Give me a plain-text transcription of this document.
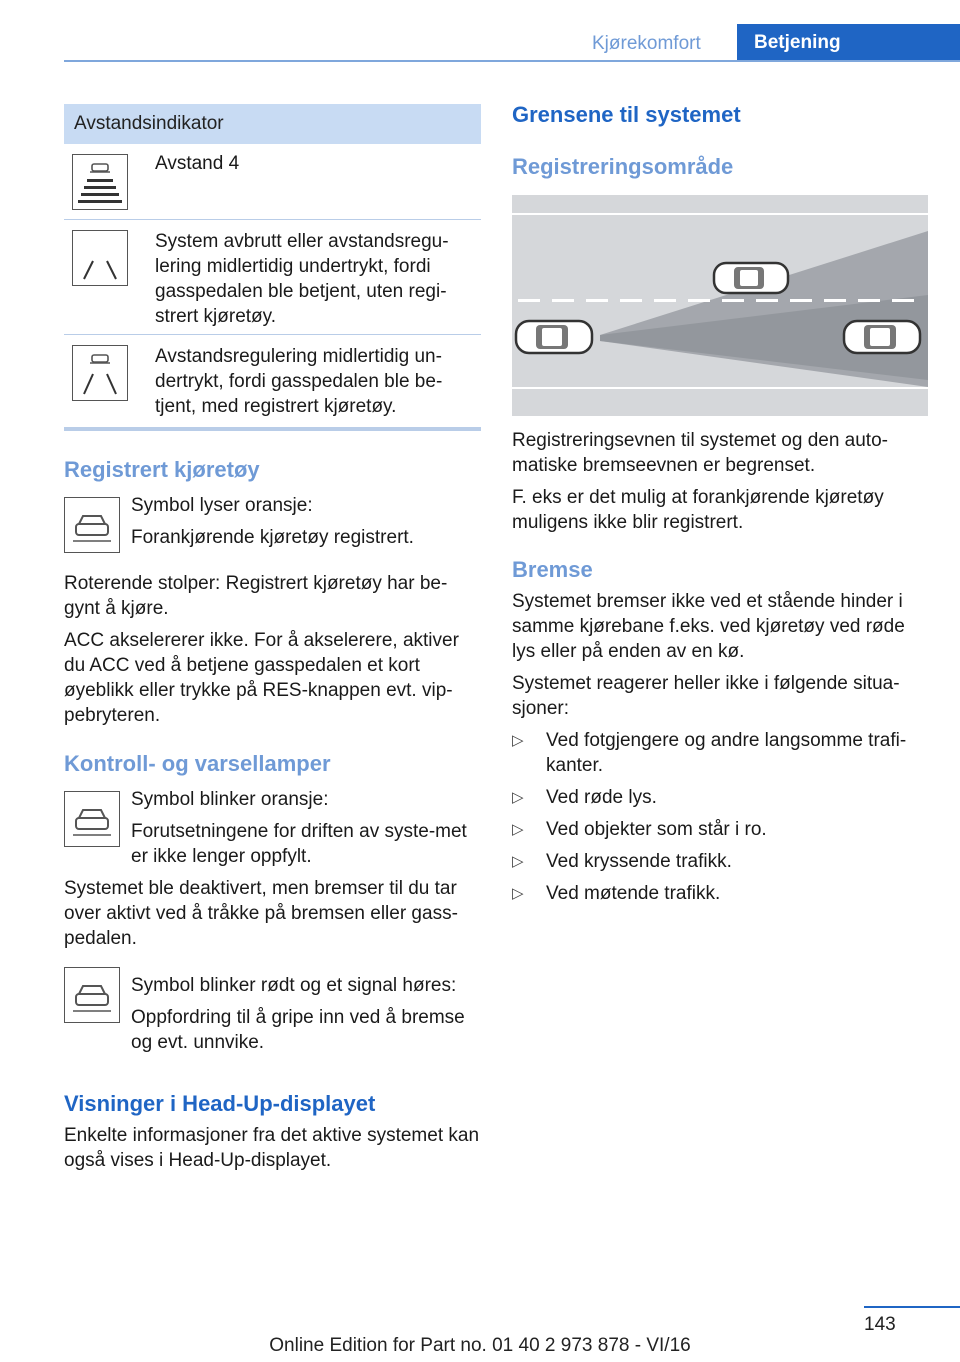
Kjørekomfort	Betjening
Avstandsindikator
Avstand 4
System avbrutt eller avstandsregu-lering midlertidig undertrykt, fordi gasspedalen ble betjent, uten regi-strert kjøretøy.
Avstandsregulering midlertidig un-dertrykt, fordi gasspedalen ble be-tjent, med registrert kjøretøy.
Registrert kjøretøy
Symbol lyser oransje:
Forankjørende kjøretøy registrert.
Roterende stolper: Registrert kjøretøy har be-gynt å kjøre.
ACC akselererer ikke. For å akselerere, aktiver du ACC ved å betjene gasspedalen et kort øyeblikk eller trykke på RES-knappen evt. vip-pebryteren.
Kontroll- og varsellamper
Symbol blinker oransje:
Forutsetningene for driften av syste-met er ikke lenger oppfylt.
Systemet ble deaktivert, men bremser til du tar over aktivt ved å tråkke på bremsen eller gass-pedalen.
Symbol blinker rødt og et signal høres:
Oppfordring til å gripe inn ved å bremse og evt. unnvike.
Visninger i Head-Up-displayet
Enkelte informasjoner fra det aktive systemet kan også vises i Head-Up-displayet.
Grensene til systemet
Registreringsområde
Registreringsevnen til systemet og den auto-matiske bremseevnen er begrenset.
F. eks er det mulig at forankjørende kjøretøy muligens ikke blir registrert.
Bremse
Systemet bremser ikke ved et stående hinder i samme kjørebane f.eks. ved kjøretøy ved røde lys eller på enden av en kø.
Systemet reagerer heller ikke i følgende situa-sjoner:
▷ Ved fotgjengere og andre langsomme trafi-kanter.
▷ Ved røde lys.
▷ Ved objekter som står i ro.
▷ Ved kryssende trafikk.
▷ Ved møtende trafikk.
143
Online Edition for Part no. 01 40 2 973 878 - VI/16
